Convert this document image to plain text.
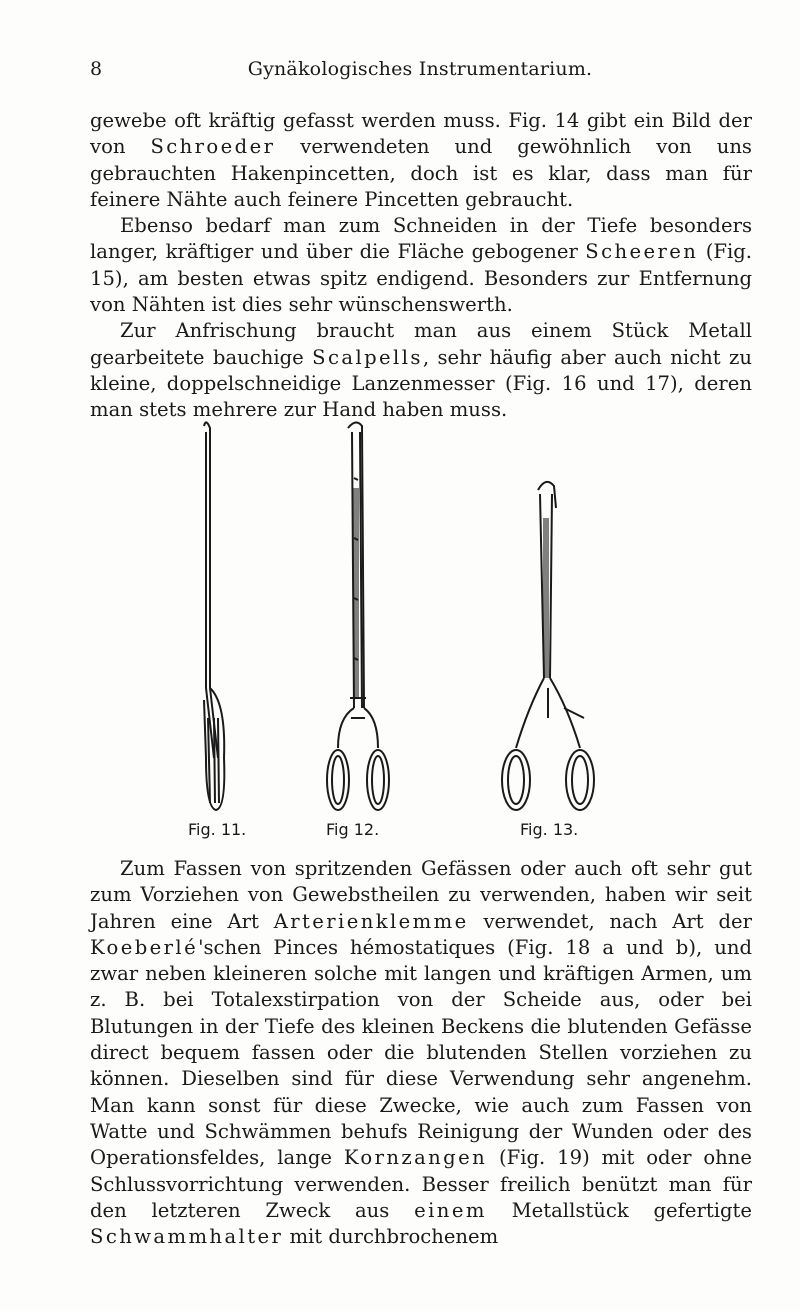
8	Gynäkologisches Instrumentarium.

gewebe oft kräftig gefasst werden muss. Fig. 14 gibt ein Bild der von Schroeder verwendeten und gewöhnlich von uns gebrauchten Hakenpincetten, doch ist es klar, dass man für feinere Nähte auch feinere Pincetten gebraucht.

Ebenso bedarf man zum Schneiden in der Tiefe besonders langer, kräftiger und über die Fläche gebogener Scheeren (Fig. 15), am besten etwas spitz endigend. Besonders zur Entfernung von Nähten ist dies sehr wünschenswerth.

Zur Anfrischung braucht man aus einem Stück Metall gearbeitete bauchige Scalpells, sehr häufig aber auch nicht zu kleine, doppelschneidige Lanzenmesser (Fig. 16 und 17), deren man stets mehrere zur Hand haben muss.

Fig. 11.	Fig 12.	Fig. 13.

Zum Fassen von spritzenden Gefässen oder auch oft sehr gut zum Vorziehen von Gewebstheilen zu verwenden, haben wir seit Jahren eine Art Arterienklemme verwendet, nach Art der Koeberlé'schen Pinces hémostatiques (Fig. 18 a und b), und zwar neben kleineren solche mit langen und kräftigen Armen, um z. B. bei Totalexstirpation von der Scheide aus, oder bei Blutungen in der Tiefe des kleinen Beckens die blutenden Gefässe direct bequem fassen oder die blutenden Stellen vorziehen zu können. Dieselben sind für diese Verwendung sehr angenehm. Man kann sonst für diese Zwecke, wie auch zum Fassen von Watte und Schwämmen behufs Reinigung der Wunden oder des Operationsfeldes, lange Kornzangen (Fig. 19) mit oder ohne Schlussvorrichtung verwenden. Besser freilich benützt man für den letzteren Zweck aus einem Metallstück gefertigte Schwammhalter mit durchbrochenem
